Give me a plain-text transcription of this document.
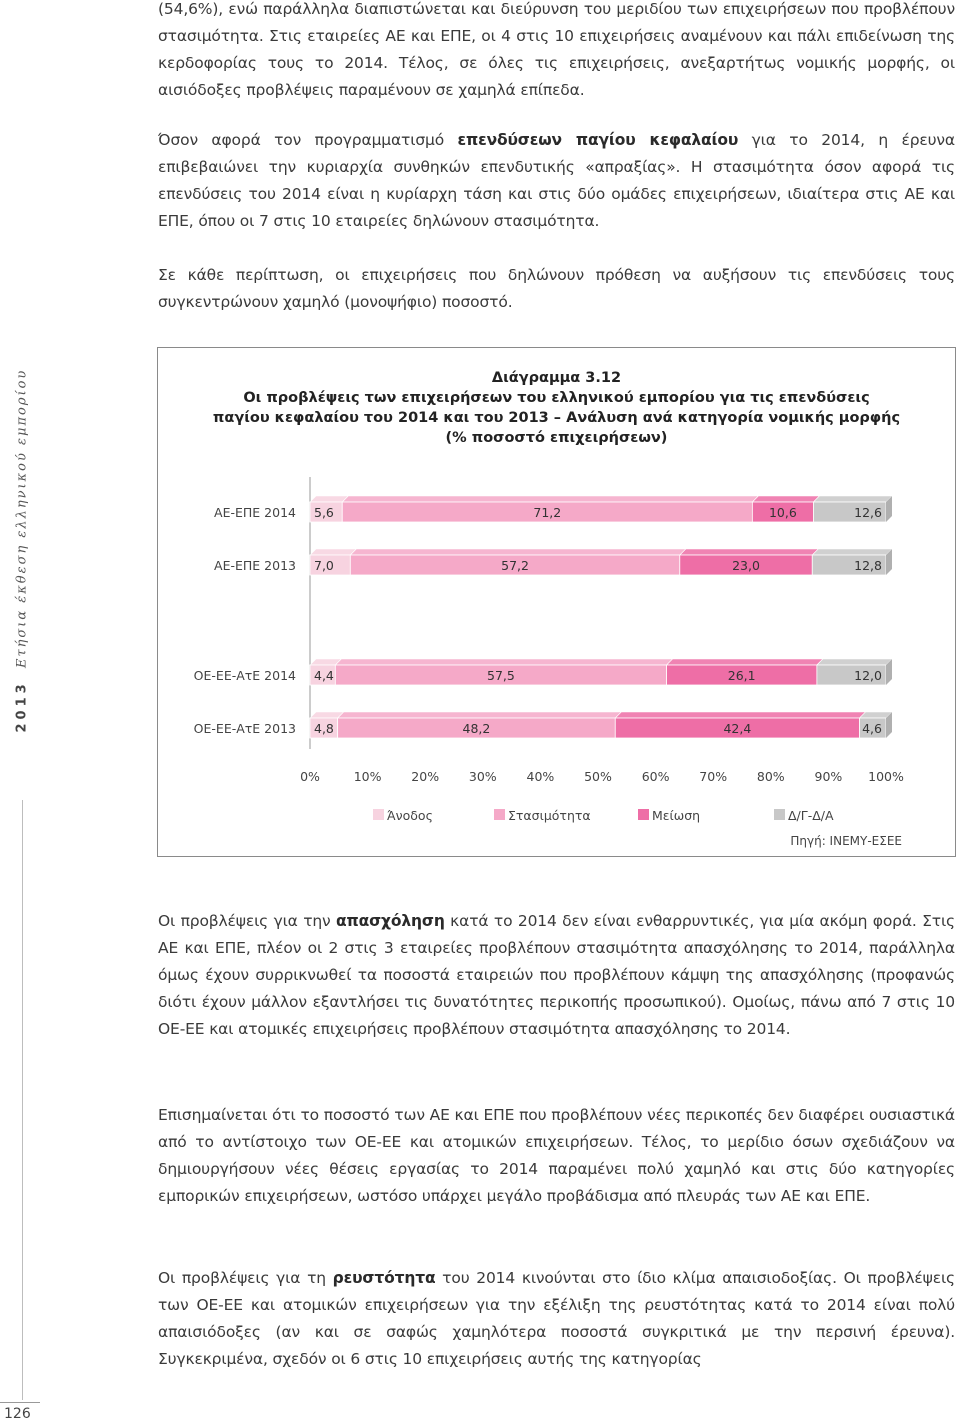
(54,6%), ενώ παράλληλα διαπιστώνεται και διεύρυνση του μεριδίου των επιχειρήσεων που προβλέπουν στασιμότητα. Στις εταιρείες ΑΕ και ΕΠΕ, οι 4 στις 10 επιχειρήσεις αναμένουν και πάλι επιδείνωση της κερδοφορίας τους το 2014. Τέλος, σε όλες τις επιχειρήσεις, ανεξαρτήτως νομικής μορφής, οι αισιόδοξες προβλέψεις παραμένουν σε χαμηλά επίπεδα.

Όσον αφορά τον προγραμματισμό επενδύσεων παγίου κεφαλαίου για το 2014, η έρευνα επιβεβαιώνει την κυριαρχία συνθηκών επενδυτικής «απραξίας». Η στασιμότητα όσον αφορά τις επενδύσεις του 2014 είναι η κυρίαρχη τάση και στις δύο ομάδες επιχειρήσεων, ιδιαίτερα στις ΑΕ και ΕΠΕ, όπου οι 7 στις 10 εταιρείες δηλώνουν στασιμότητα.

Σε κάθε περίπτωση, οι επιχειρήσεις που δηλώνουν πρόθεση να αυξήσουν τις επενδύσεις τους συγκεντρώνουν χαμηλό (μονοψήφιο) ποσοστό.

2013  Ετήσια έκθεση ελληνικού εμπορίου	Διάγραμμα 3.12
Οι προβλέψεις των επιχειρήσεων του ελληνικού εμπορίου για τις επενδύσεις
παγίου κεφαλαίου του 2014 και του 2013 – Ανάλυση ανά κατηγορία νομικής μορφής
(% ποσοστό επιχειρήσεων)
ΑΕ-ΕΠΕ 2014 5,6	71,2	10,6	12,6
ΑΕ-ΕΠΕ 2013 7,0	57,2	23,0	12,8
ΟΕ-ΕΕ-ΑτΕ 2014 4,4	57,5	26,1	12,0
ΟΕ-ΕΕ-ΑτΕ 2013 4,8	48,2	42,4	4,6
0%	10% 20% 30% 40% 50% 60% 70% 80% 90% 100%
Άνοδος	Στασιμότητα	Μείωση	Δ/Γ-Δ/Α
Πηγή: ΙΝΕΜΥ-ΕΣΕΕ

Οι προβλέψεις για την απασχόληση κατά το 2014 δεν είναι ενθαρρυντικές, για μία ακόμη φορά. Στις ΑΕ και ΕΠΕ, πλέον οι 2 στις 3 εταιρείες προβλέπουν στασιμότητα απασχόλησης το 2014, παράλληλα όμως έχουν συρρικνωθεί τα ποσοστά εταιρειών που προβλέπουν κάμψη της απασχόλησης (προφανώς διότι έχουν μάλλον εξαντλήσει τις δυνατότητες περικοπής προσωπικού). Ομοίως, πάνω από 7 στις 10 ΟΕ-ΕΕ και ατομικές επιχειρήσεις προβλέπουν στασιμότητα απασχόλησης το 2014.

Επισημαίνεται ότι το ποσοστό των ΑΕ και ΕΠΕ που προβλέπουν νέες περικοπές δεν διαφέρει ουσιαστικά από το αντίστοιχο των ΟΕ-ΕΕ και ατομικών επιχειρήσεων. Τέλος, το μερίδιο όσων σχεδιάζουν να δημιουργήσουν νέες θέσεις εργασίας το 2014 παραμένει πολύ χαμηλό και στις δύο κατηγορίες εμπορικών επιχειρήσεων, ωστόσο υπάρχει μεγάλο προβάδισμα από πλευράς των ΑΕ και ΕΠΕ.

Οι προβλέψεις για τη ρευστότητα του 2014 κινούνται στο ίδιο κλίμα απαισιοδοξίας. Οι προβλέψεις των ΟΕ-ΕΕ και ατομικών επιχειρήσεων για την εξέλιξη της ρευστότητας κατά το 2014 είναι πολύ απαισιόδοξες (αν και σε σαφώς χαμηλότερα ποσοστά συγκριτικά με την περσινή έρευνα). Συγκεκριμένα, σχεδόν οι 6 στις 10 επιχειρήσεις αυτής της κατηγορίας

126
